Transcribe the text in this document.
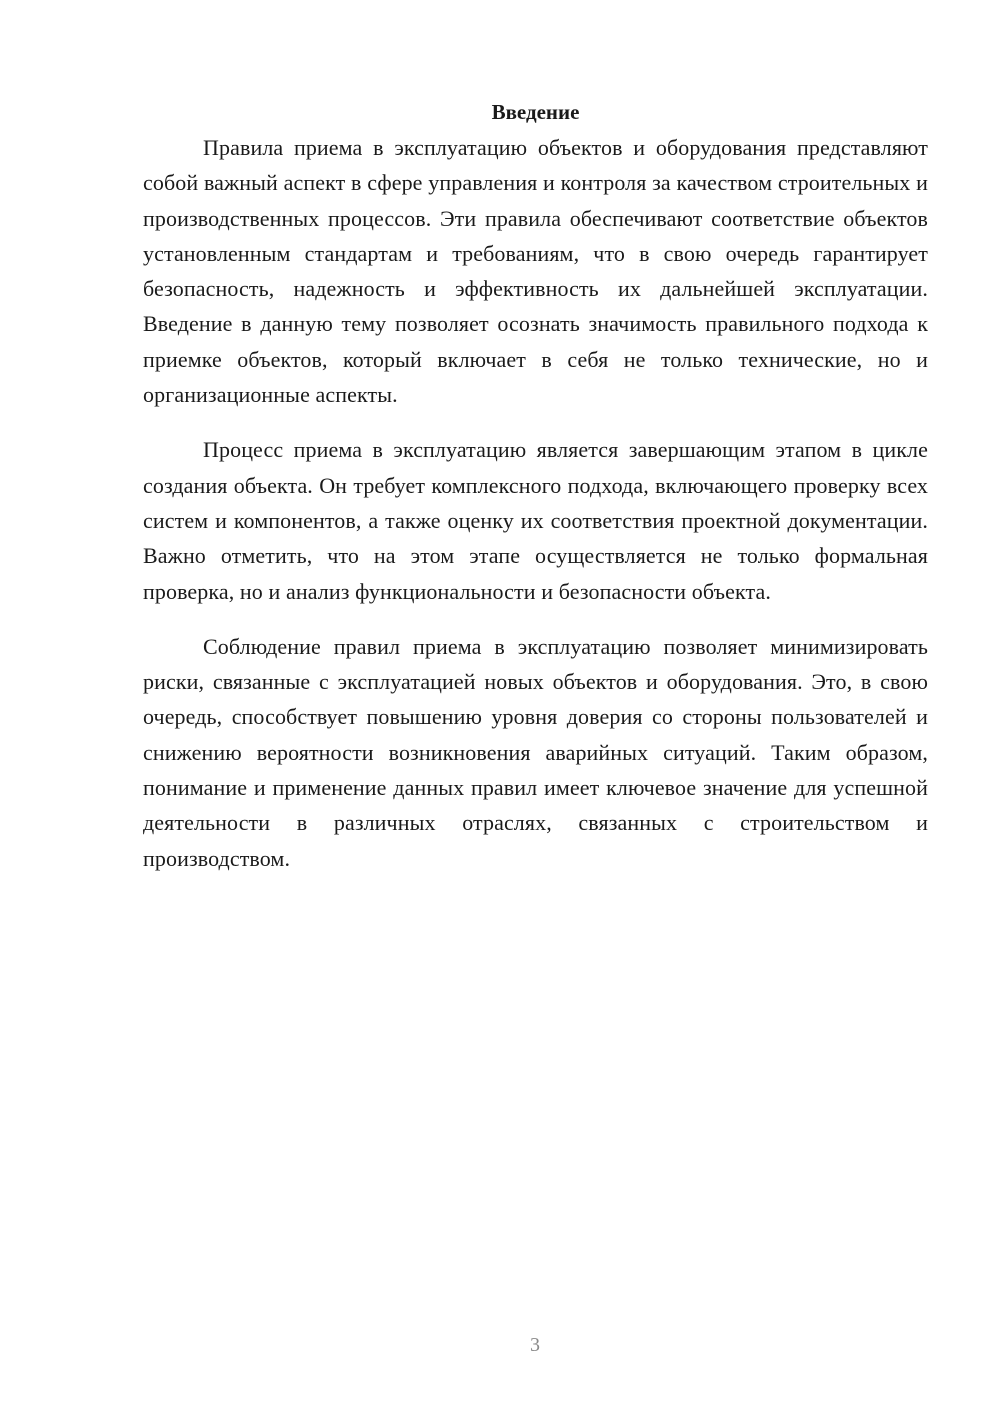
Введение

Правила приема в эксплуатацию объектов и оборудования представляют собой важный аспект в сфере управления и контроля за качеством строительных и производственных процессов. Эти правила обеспечивают соответствие объектов установленным стандартам и требованиям, что в свою очередь гарантирует безопасность, надежность и эффективность их дальнейшей эксплуатации. Введение в данную тему позволяет осознать значимость правильного подхода к приемке объектов, который включает в себя не только технические, но и организационные аспекты.

Процесс приема в эксплуатацию является завершающим этапом в цикле создания объекта. Он требует комплексного подхода, включающего проверку всех систем и компонентов, а также оценку их соответствия проектной документации. Важно отметить, что на этом этапе осуществляется не только формальная проверка, но и анализ функциональности и безопасности объекта.

Соблюдение правил приема в эксплуатацию позволяет минимизировать риски, связанные с эксплуатацией новых объектов и оборудования. Это, в свою очередь, способствует повышению уровня доверия со стороны пользователей и снижению вероятности возникновения аварийных ситуаций. Таким образом, понимание и применение данных правил имеет ключевое значение для успешной деятельности в различных отраслях, связанных с строительством и производством.

3
